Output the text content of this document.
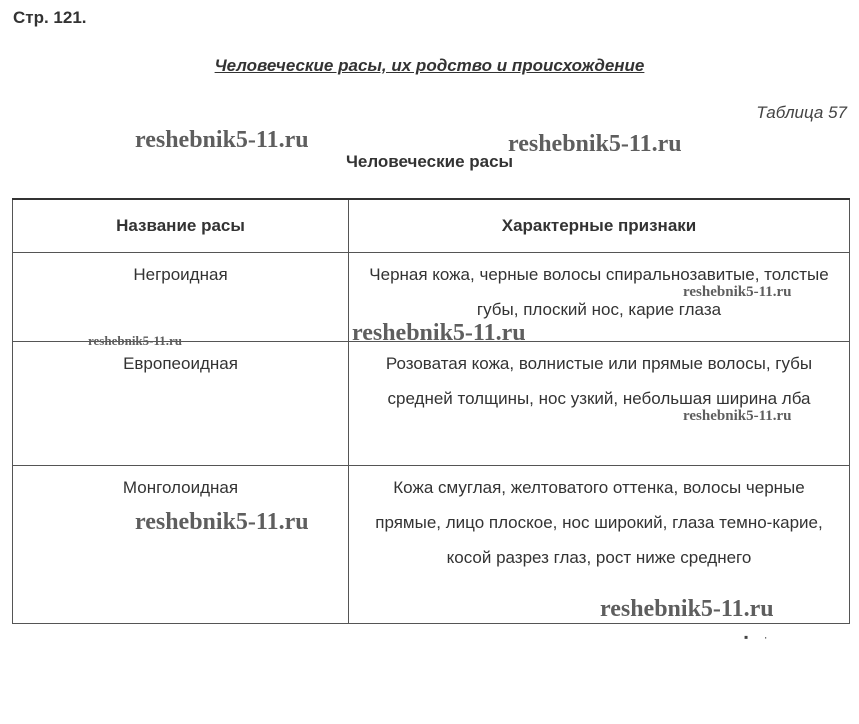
Стр. 121.
Человеческие расы, их родство и происхождение
Таблица 57
Человеческие расы
Название расы	Характерные признаки
Негроидная	Черная кожа, черные волосы спиральнозавитые, толстые губы, плоский нос, карие глаза
Европеоидная	Розоватая кожа, волнистые или прямые волосы, губы средней толщины, нос узкий, небольшая ширина лба
Монголоидная	Кожа смуглая, желтоватого оттенка, волосы черные прямые, лицо плоское, нос широкий, глаза темно-карие, косой разрез глаз, рост ниже среднего
reshebnik5-11.ru	reshebnik5-11.ru
reshebnik5-11.ru
reshebnik5-11.ru
reshebnik5-11.ru
reshebnik5-11.ru
reshebnik5-11.ru
reshebnik5-11.ru
▪ ·
